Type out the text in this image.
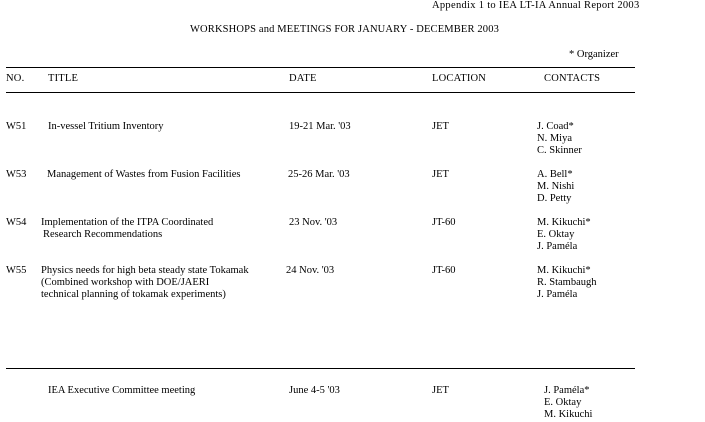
Appendix 1 to IEA LT-IA Annual Report 2003
WORKSHOPS and MEETINGS FOR JANUARY - DECEMBER 2003
* Organizer
NO. TITLE	DATE	LOCATION	CONTACTS
W51 In-vessel Tritium Inventory	19-21 Mar. '03	JET	J. Coad*
N. Miya
C. Skinner
W53 Management of Wastes from Fusion Facilities	25-26 Mar. '03	JET	A. Bell*
M. Nishi
D. Petty
W54 Implementation of the ITPA Coordinated
Research Recommendations
23 Nov. '03	JT-60	M. Kikuchi*
E. Oktay
J. Paméla
W55 Physics needs for high beta steady state Tokamak
(Combined workshop with DOE/JAERI
technical planning of tokamak experiments)
24 Nov. '03	JT-60	M. Kikuchi*
R. Stambaugh
J. Paméla
IEA Executive Committee meeting	June 4-5 '03	JET	J. Paméla*
E. Oktay
M. Kikuchi
